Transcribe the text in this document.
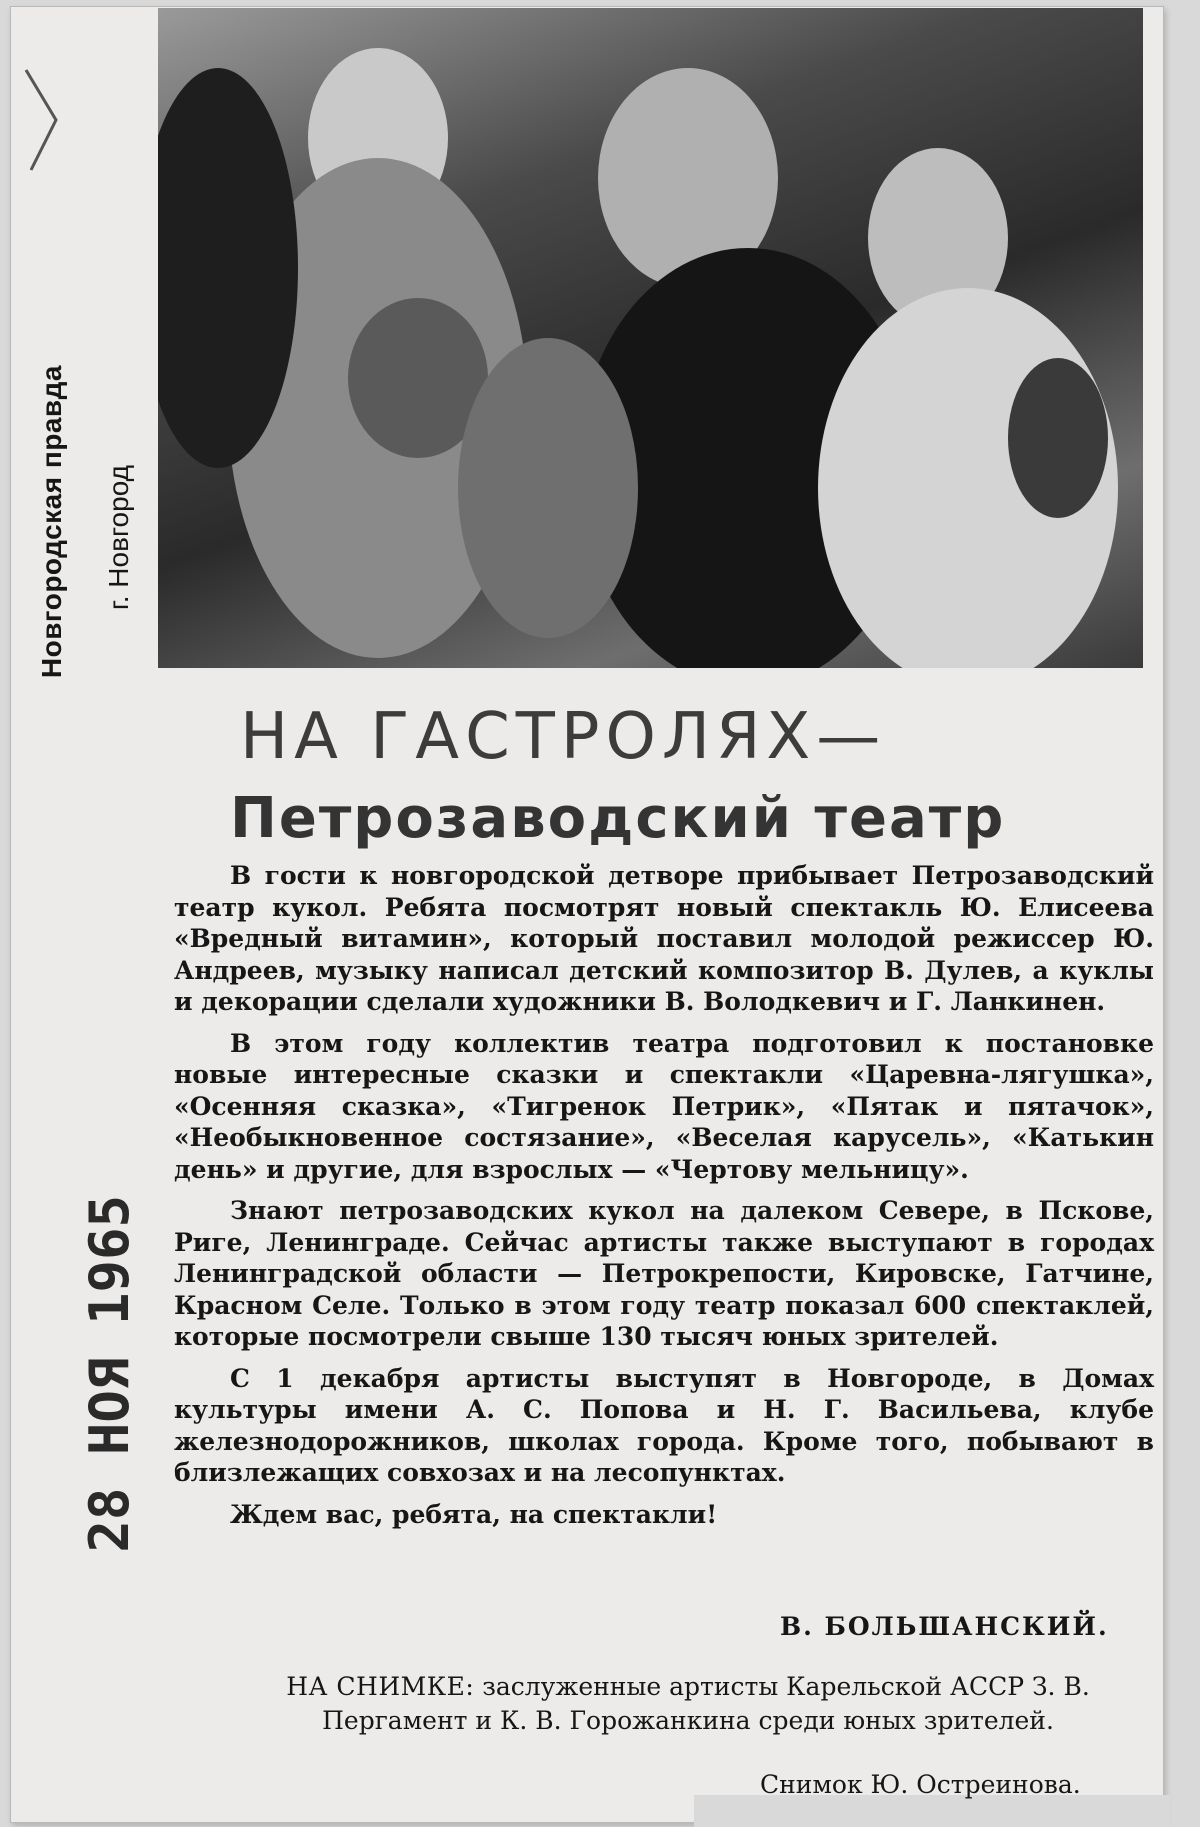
Новгородская правда г. Новгород
28 НОЯ 1965
НА ГАСТРОЛЯХ—
Петрозаводский театр

В гости к новгородской детворе прибывает Петрозаводский театр кукол. Ребята посмотрят новый спектакль Ю. Елисеева «Вредный витамин», который поставил молодой режиссер Ю. Андреев, музыку написал детский композитор В. Дулев, а куклы и декорации сделали художники В. Володкевич и Г. Ланкинен.

В этом году коллектив театра подготовил к постановке новые интересные сказки и спектакли «Царевна-лягушка», «Осенняя сказка», «Тигренок Петрик», «Пятак и пятачок», «Необыкновенное состязание», «Веселая карусель», «Катькин день» и другие, для взрослых — «Чертову мельницу».

Знают петрозаводских кукол на далеком Севере, в Пскове, Риге, Ленинграде. Сейчас артисты также выступают в городах Ленинградской области — Петрокрепости, Кировске, Гатчине, Красном Селе. Только в этом году театр показал 600 спектаклей, которые посмотрели свыше 130 тысяч юных зрителей.

С 1 декабря артисты выступят в Новгороде, в Домах культуры имени А. С. Попова и Н. Г. Васильева, клубе железнодорожников, школах города. Кроме того, побывают в близлежащих совхозах и на лесопунктах.

Ждем вас, ребята, на спектакли!

В. БОЛЬШАНСКИЙ.
НА СНИМКЕ: заслуженные артисты Карельской АССР З. В. Пергамент и К. В. Горожанкина среди юных зрителей.
Снимок Ю. Остреинова.
